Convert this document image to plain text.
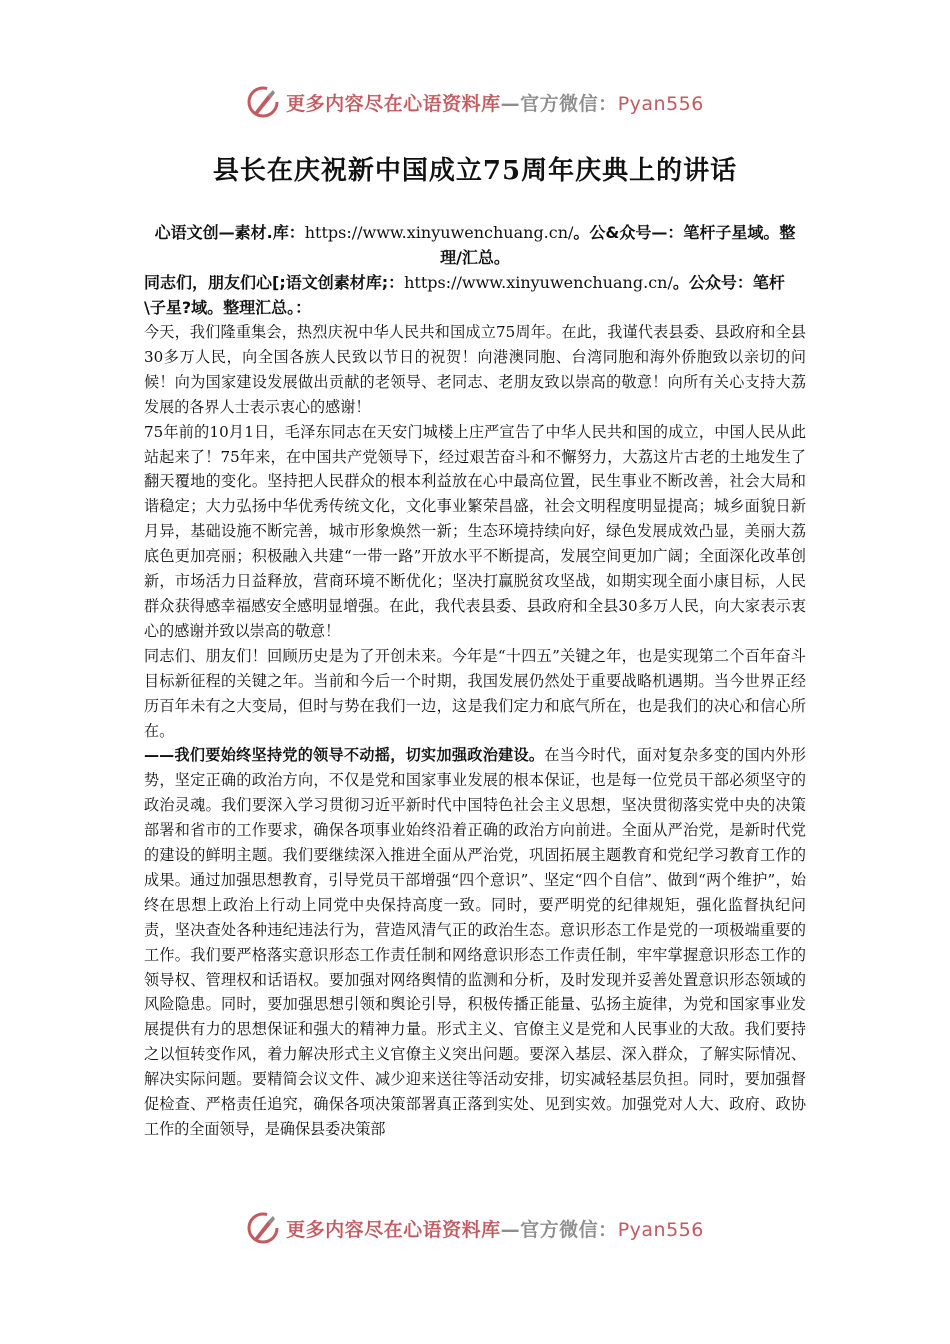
更多内容尽在心语资料库—官方微信：Pyan556
县长在庆祝新中国成立75周年庆典上的讲话
心语文创—素材.库：https://www.xinyuwenchuang.cn/。公&众号—：笔杆子星域。整理/汇总。
同志们，朋友们心[;语文创素材库;：https://www.xinyuwenchuang.cn/。公众号：笔杆\子星?域。整理汇总。：

今天，我们隆重集会，热烈庆祝中华人民共和国成立75周年。在此，我谨代表县委、县政府和全县30多万人民，向全国各族人民致以节日的祝贺！向港澳同胞、台湾同胞和海外侨胞致以亲切的问候！向为国家建设发展做出贡献的老领导、老同志、老朋友致以崇高的敬意！向所有关心支持大荔发展的各界人士表示衷心的感谢！

75年前的10月1日，毛泽东同志在天安门城楼上庄严宣告了中华人民共和国的成立，中国人民从此站起来了！75年来，在中国共产党领导下，经过艰苦奋斗和不懈努力，大荔这片古老的土地发生了翻天覆地的变化。坚持把人民群众的根本利益放在心中最高位置，民生事业不断改善，社会大局和谐稳定；大力弘扬中华优秀传统文化，文化事业繁荣昌盛，社会文明程度明显提高；城乡面貌日新月异，基础设施不断完善，城市形象焕然一新；生态环境持续向好，绿色发展成效凸显，美丽大荔底色更加亮丽；积极融入共建“一带一路”开放水平不断提高，发展空间更加广阔；全面深化改革创新，市场活力日益释放，营商环境不断优化；坚决打赢脱贫攻坚战，如期实现全面小康目标，人民群众获得感幸福感安全感明显增强。在此，我代表县委、县政府和全县30多万人民，向大家表示衷心的感谢并致以崇高的敬意！

同志们、朋友们！回顾历史是为了开创未来。今年是“十四五”关键之年，也是实现第二个百年奋斗目标新征程的关键之年。当前和今后一个时期，我国发展仍然处于重要战略机遇期。当今世界正经历百年未有之大变局，但时与势在我们一边，这是我们定力和底气所在，也是我们的决心和信心所在。

——我们要始终坚持党的领导不动摇，切实加强政治建设。在当今时代，面对复杂多变的国内外形势，坚定正确的政治方向，不仅是党和国家事业发展的根本保证，也是每一位党员干部必须坚守的政治灵魂。我们要深入学习贯彻习近平新时代中国特色社会主义思想，坚决贯彻落实党中央的决策部署和省市的工作要求，确保各项事业始终沿着正确的政治方向前进。全面从严治党，是新时代党的建设的鲜明主题。我们要继续深入推进全面从严治党，巩固拓展主题教育和党纪学习教育工作的成果。通过加强思想教育，引导党员干部增强“四个意识”、坚定“四个自信”、做到“两个维护”，始终在思想上政治上行动上同党中央保持高度一致。同时，要严明党的纪律规矩，强化监督执纪问责，坚决查处各种违纪违法行为，营造风清气正的政治生态。意识形态工作是党的一项极端重要的工作。我们要严格落实意识形态工作责任制和网络意识形态工作责任制，牢牢掌握意识形态工作的领导权、管理权和话语权。要加强对网络舆情的监测和分析，及时发现并妥善处置意识形态领域的风险隐患。同时，要加强思想引领和舆论引导，积极传播正能量、弘扬主旋律，为党和国家事业发展提供有力的思想保证和强大的精神力量。形式主义、官僚主义是党和人民事业的大敌。我们要持之以恒转变作风，着力解决形式主义官僚主义突出问题。要深入基层、深入群众，了解实际情况、解决实际问题。要精简会议文件、减少迎来送往等活动安排，切实减轻基层负担。同时，要加强督促检查、严格责任追究，确保各项决策部署真正落到实处、见到实效。加强党对人大、政府、政协工作的全面领导，是确保县委决策部

更多内容尽在心语资料库—官方微信：Pyan556
